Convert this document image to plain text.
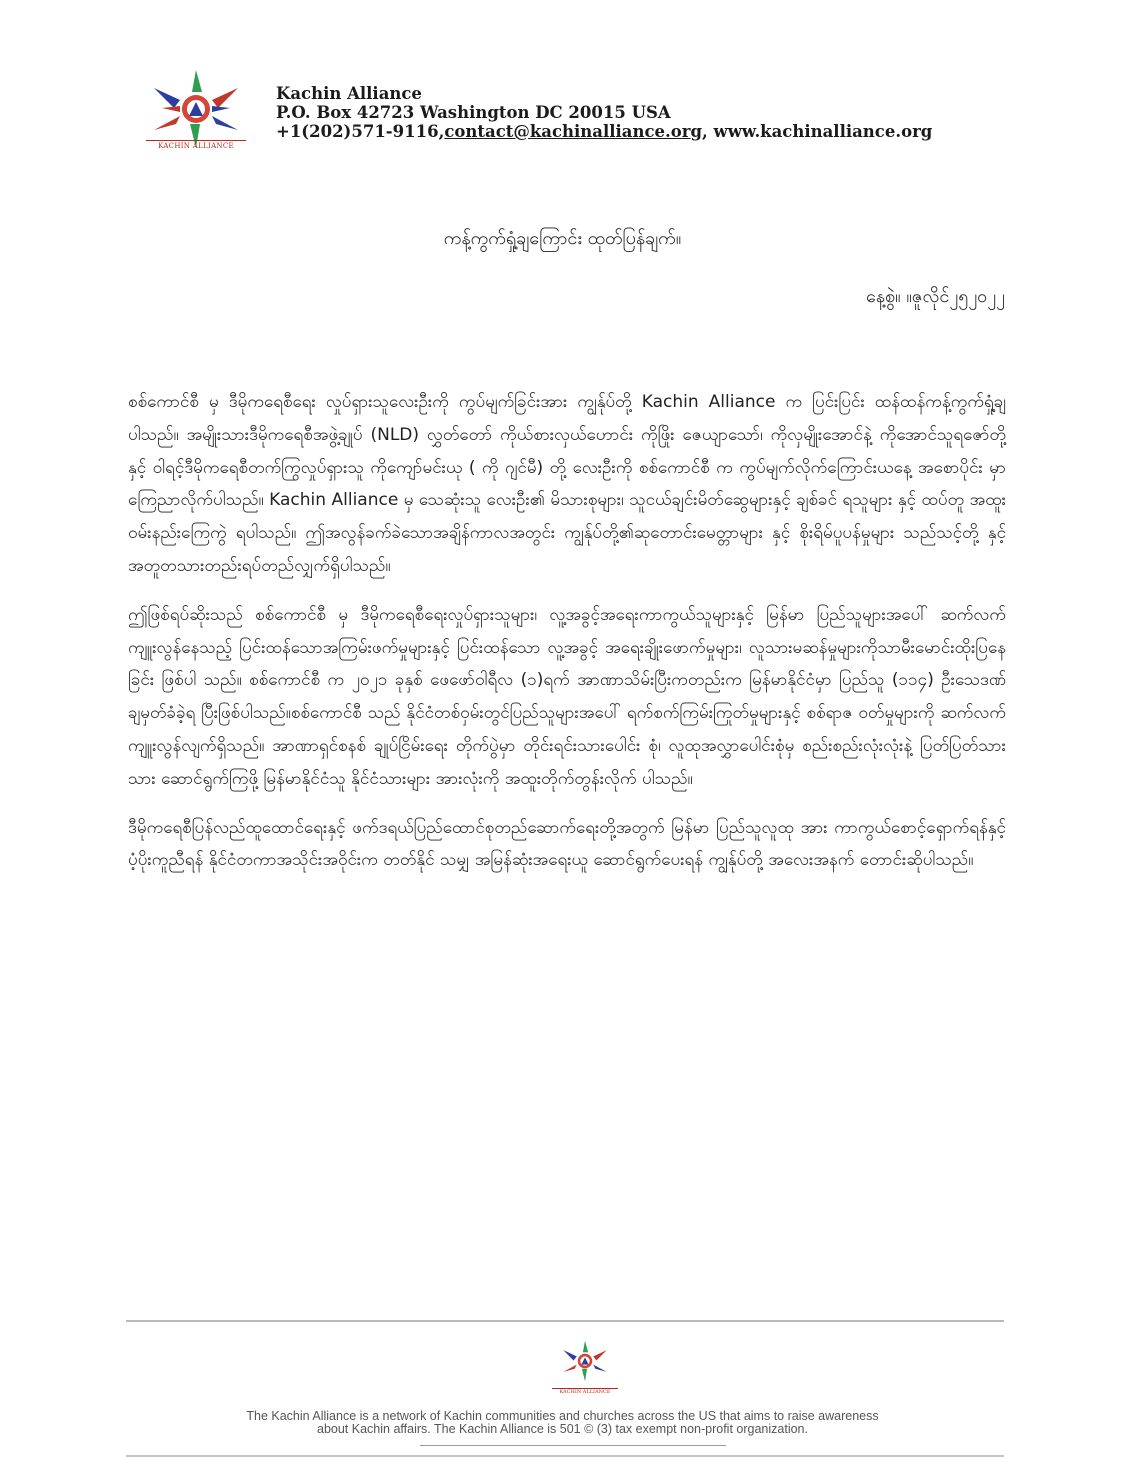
KACHIN ALLIANCE
Kachin Alliance
P.O. Box 42723 Washington DC 20015 USA
+1(202)571-9116,contact@kachinalliance.org, www.kachinalliance.org
ကန့်ကွက်ရှုံ့ချကြောင်း ထုတ်ပြန်ချက်။
နေ့စွဲ။ ။ဇူလိုင်၂၅၂၀၂၂

စစ်ကောင်စီ မှ ဒီမိုကရေစီရေး လှုပ်ရှားသူလေးဦးကို ကွပ်မျက်ခြင်းအား ကျွန်ုပ်တို့ Kachin Alliance က ပြင်းပြင်း ထန်ထန်ကန့်ကွက်ရှုံ့ချပါသည်။ အမျိုးသားဒီမိုကရေစီအဖွဲ့ချုပ် (NLD) လွှတ်တော် ကိုယ်စားလှယ်ဟောင်း ကိုဖြိုး ဇေယျာသော်၊ ကိုလှမျိုးအောင်နဲ့ ကိုအောင်သူရဇော်တို့ နှင့် ဝါရင့်ဒီမိုကရေစီတက်ကြွလှုပ်ရှားသူ ကိုကျော်မင်းယု ( ကို ဂျင်မီ) တို့ လေးဦးကို စစ်ကောင်စီ က ကွပ်မျက်လိုက်ကြောင်းယနေ့ အစောပိုင်း မှာကြေညာလိုက်ပါသည်။ Kachin Alliance မှ သေဆုံးသူ လေးဦး၏ မိသားစုများ၊ သူငယ်ချင်းမိတ်ဆွေများနှင့် ချစ်ခင် ရသူများ နှင့် ထပ်တူ အထူးဝမ်းနည်းကြေကွဲ ရပါသည်။ ဤအလွန်ခက်ခဲသောအချိန်ကာလအတွင်း ကျွန်ုပ်တို့၏ဆုတောင်းမေတ္တာများ နှင့် စိုးရိမ်ပူပန်မှုများ သည်သင့်တို့ နှင့် အတူတသားတည်းရပ်တည်လျှက်ရှိပါသည်။

ဤဖြစ်ရပ်ဆိုးသည် စစ်ကောင်စီ မှ ဒီမိုကရေစီရေးလှုပ်ရှားသူများ၊ လူ့အခွင့်အရေးကာကွယ်သူများနှင့် မြန်မာ ပြည်သူများအပေါ် ဆက်လက်ကျူးလွန်နေသည့် ပြင်းထန်သောအကြမ်းဖက်မှုများနှင့် ပြင်းထန်သော လူ့အခွင့် အရေးချိုးဖောက်မှုများ၊ လူသားမဆန်မှုများကိုသာမီးမောင်းထိုးပြနေခြင်း ဖြစ်ပါ သည်။ စစ်ကောင်စီ က ၂၀၂၁ ခုနှစ် ဖေဖော်ဝါရီလ (၁)ရက် အာဏာသိမ်းပြီးကတည်းက မြန်မာနိုင်ငံမှာ ပြည်သူ (၁၁၄) ဦးသေဒဏ်ချမှတ်ခံခဲ့ရ ပြီးဖြစ်ပါသည်။စစ်ကောင်စီ သည် နိုင်ငံတစ်ဝှမ်းတွင်ပြည်သူများအပေါ် ရက်စက်ကြမ်းကြုတ်မှုများနှင့် စစ်ရာဇ ဝတ်မှုများကို ဆက်လက်ကျူးလွန်လျက်ရှိသည်။ အာဏာရှင်စနစ် ချုပ်ငြိမ်းရေး တိုက်ပွဲမှာ တိုင်းရင်းသားပေါင်း စုံ၊ လူထုအလွှာပေါင်းစုံမှ စည်းစည်းလုံးလုံးနဲ့ ပြတ်ပြတ်သားသား ဆောင်ရွက်ကြဖို့ မြန်မာနိုင်ငံသူ နိုင်ငံသားများ အားလုံးကို အထူးတိုက်တွန်းလိုက် ပါသည်။

ဒီမိုကရေစီပြန်လည်ထူထောင်ရေးနှင့် ဖက်ဒရယ်ပြည်ထောင်စုတည်ဆောက်ရေးတို့အတွက် မြန်မာ ပြည်သူလူထု အား ကာကွယ်စောင့်ရှောက်ရန်နှင့် ပံ့ပိုးကူညီရန် နိုင်ငံတကာအသိုင်းအဝိုင်းက တတ်နိုင် သမျှ အမြန်ဆုံးအရေးယူ ဆောင်ရွက်ပေးရန် ကျွန်ုပ်တို့ အလေးအနက် တောင်းဆိုပါသည်။

KACHIN ALLIANCE
The Kachin Alliance is a network of Kachin communities and churches across the US that aims to raise awareness
about Kachin affairs. The Kachin Alliance is 501 © (3) tax exempt non-profit organization.
